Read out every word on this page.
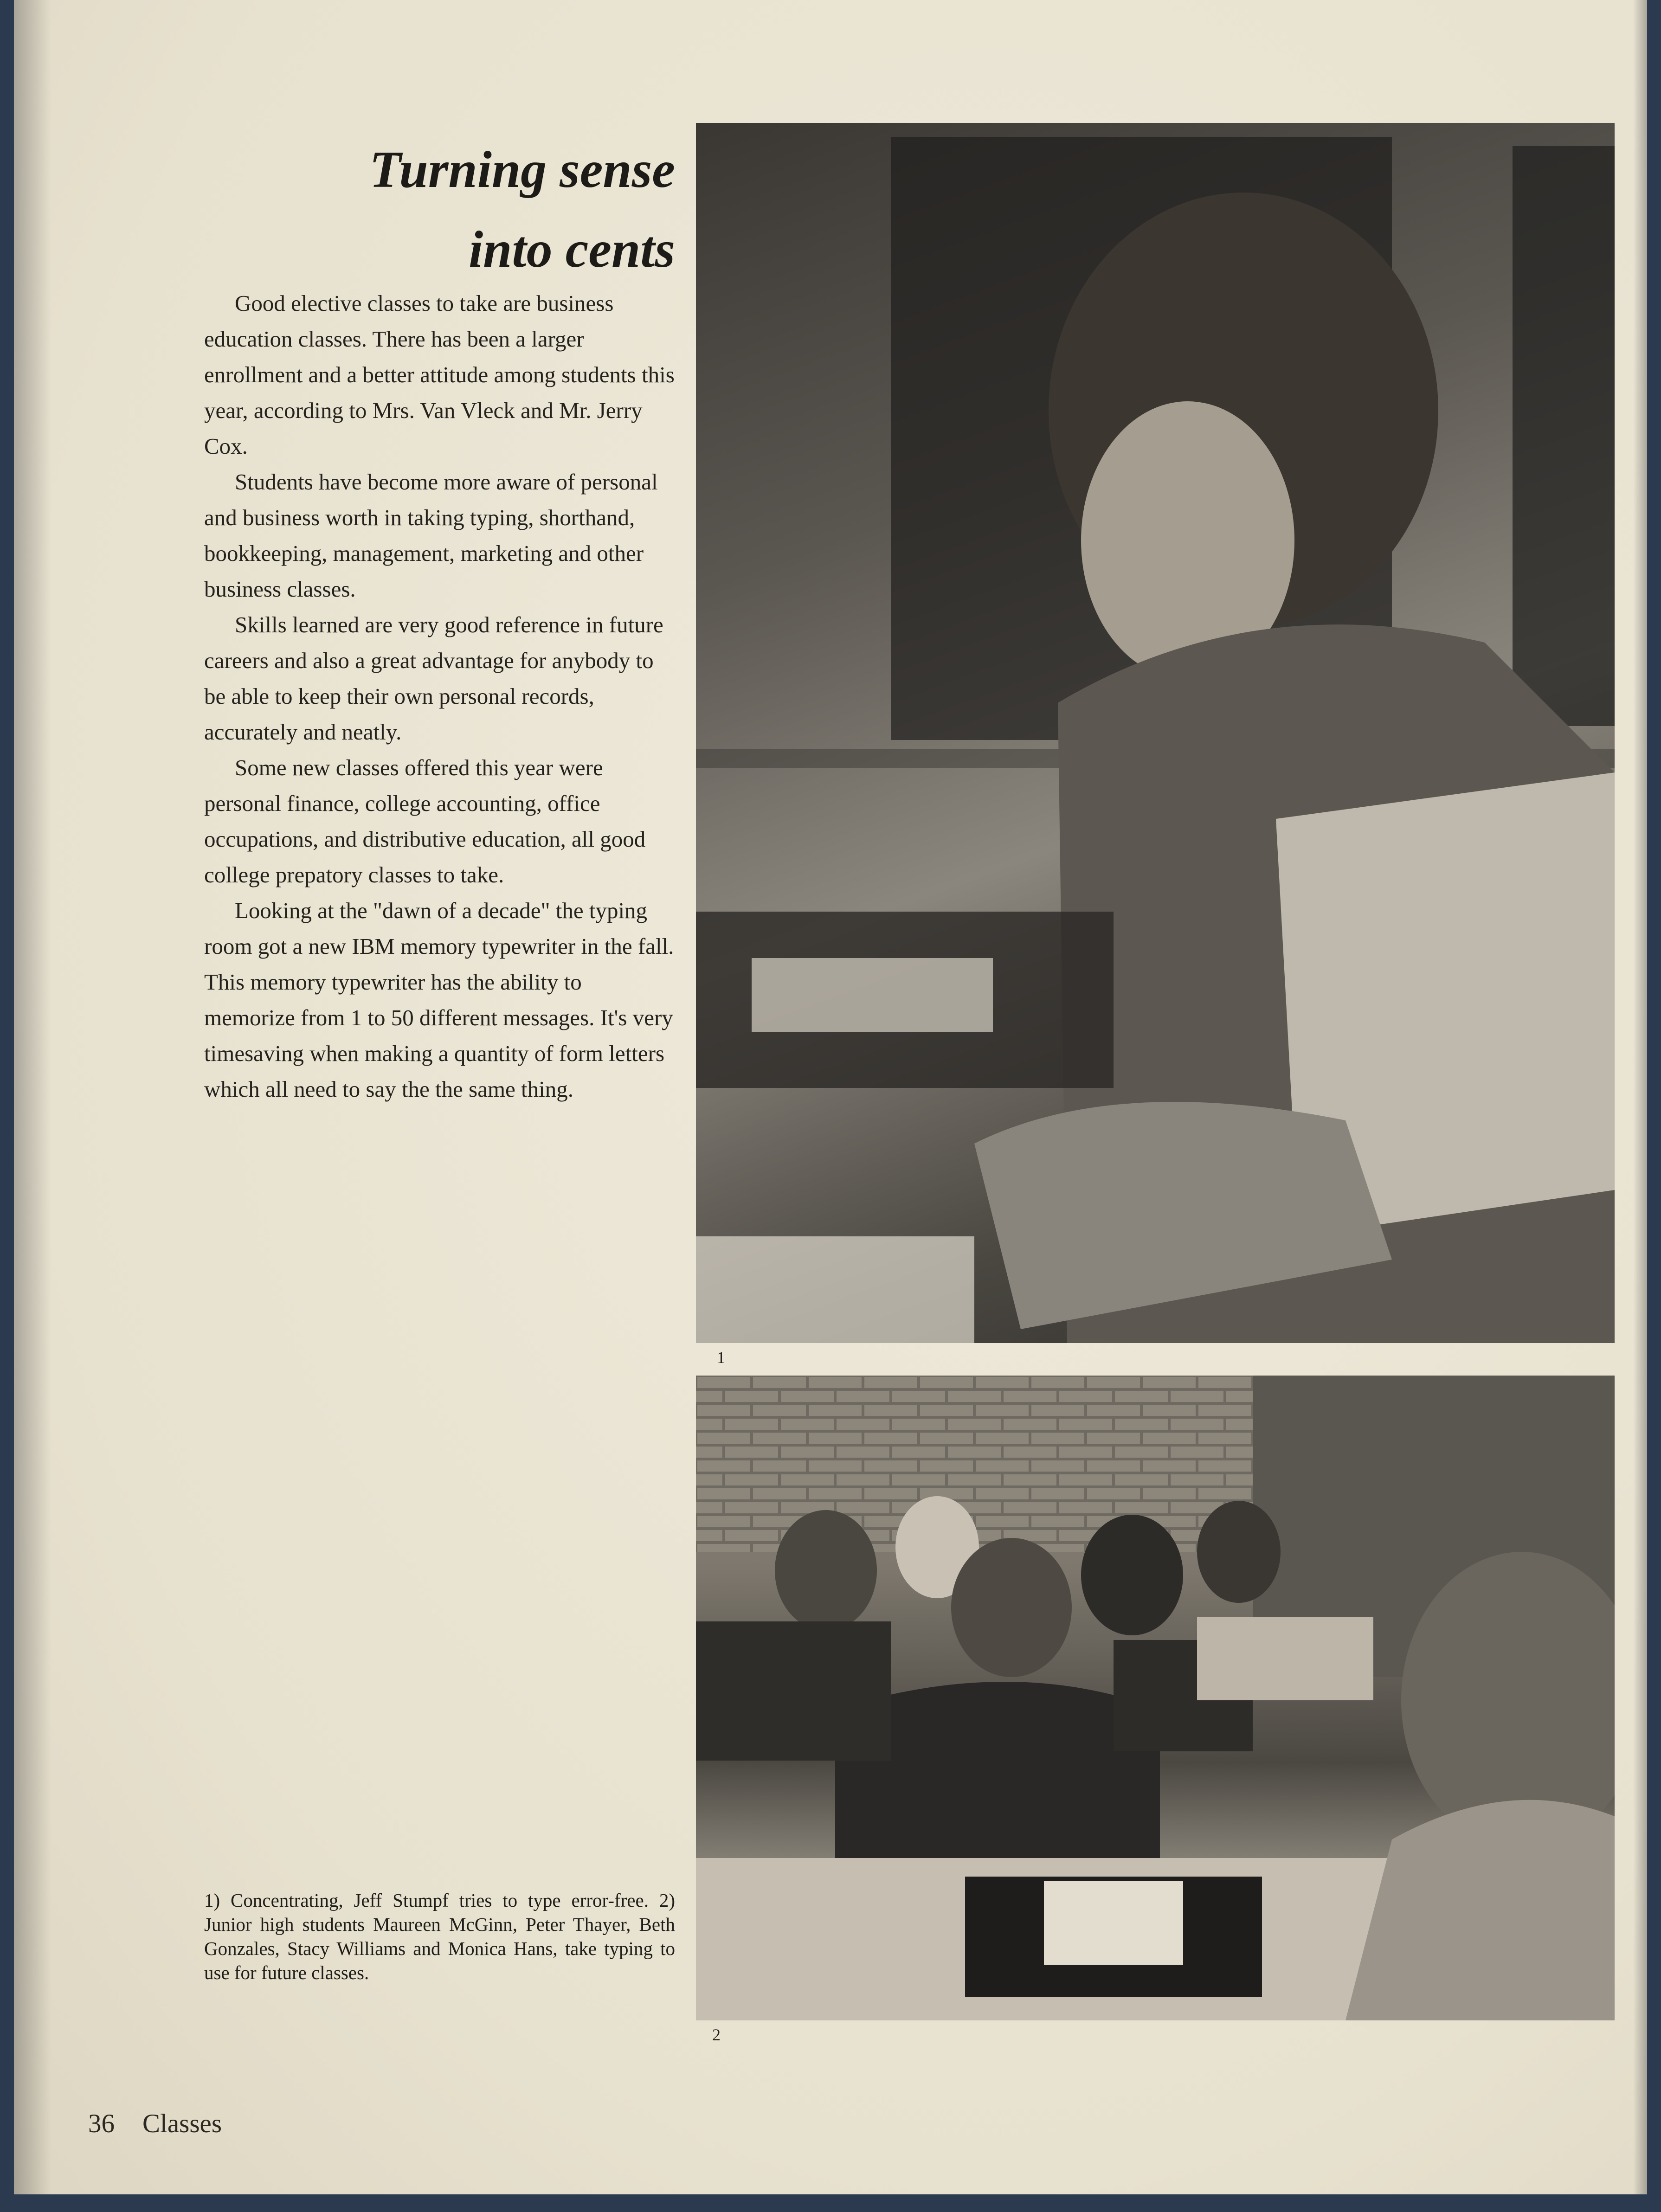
Turning sense
into cents

Good elective classes to take are business education classes. There has been a larger enrollment and a better attitude among students this year, according to Mrs. Van Vleck and Mr. Jerry Cox.

Students have become more aware of personal and business worth in taking typing, shorthand, bookkeeping, management, marketing and other business classes.

Skills learned are very good reference in future careers and also a great advantage for anybody to be able to keep their own personal records, accurately and neatly.

Some new classes offered this year were personal finance, college accounting, office occupations, and distributive education, all good college prepatory classes to take.

Looking at the "dawn of a decade" the typing room got a new IBM memory typewriter in the fall. This memory typewriter has the ability to memorize from 1 to 50 different messages. It's very timesaving when making a quantity of form letters which all need to say the the same thing.

1
2
1) Concentrating, Jeff Stumpf tries to type error-free. 2) Junior high students Maureen McGinn, Peter Thayer, Beth Gonzales, Stacy Williams and Monica Hans, take typing to use for future classes.
36 Classes
